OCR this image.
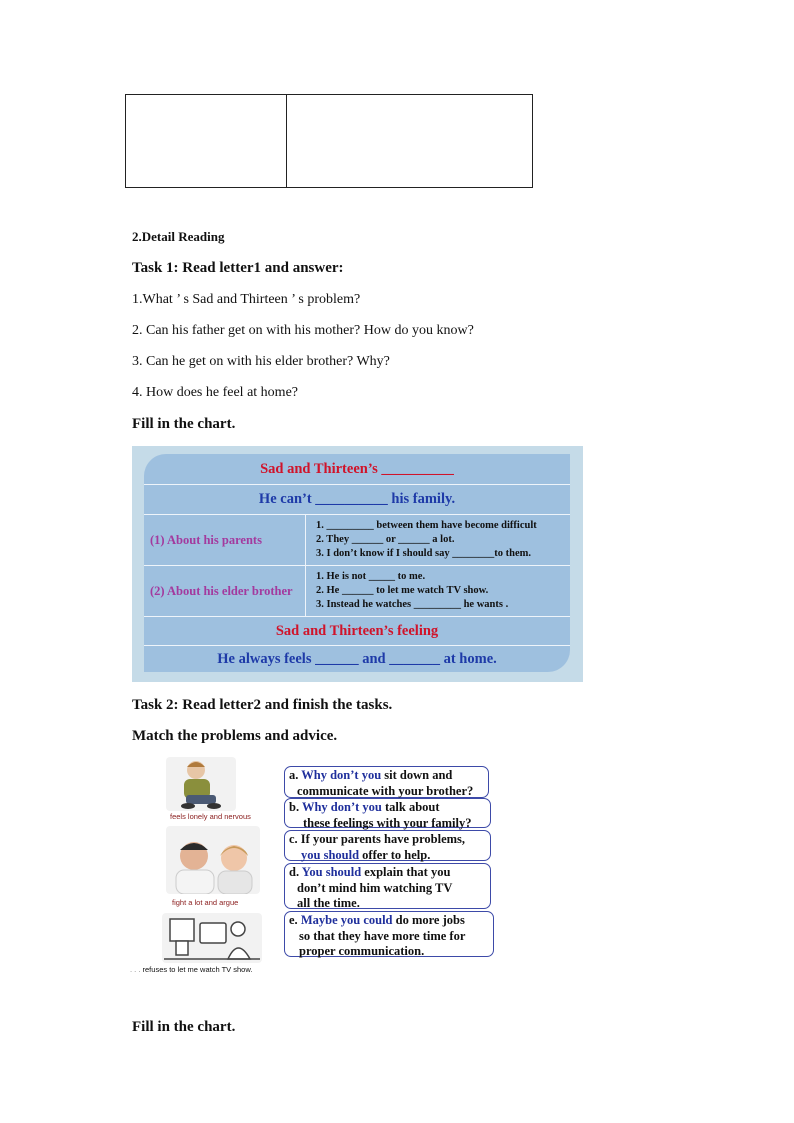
2.Detail Reading
Task 1: Read letter1 and answer:
1.What ’ s Sad and Thirteen ’ s problem?
2. Can his father get on with his mother? How do you know?
3. Can he get on with his elder brother? Why?
4. How does he feel at home?
Fill in the chart.
Sad and Thirteen’s __________
He can’t __________ his family.
(1) About his parents
1. _________ between them have become difficult
2. They ______ or ______ a lot.
3. I don’t know if I should say ________to them.
(2) About his elder brother
1. He is not _____ to me.
2. He ______ to let me watch TV show.
3. Instead he watches _________ he wants .
Sad and Thirteen’s feeling
He always feels ______ and _______ at home.
Task 2: Read letter2 and finish the tasks.
Match the problems and advice.
feels lonely and nervous
fight a lot and argue
. . . refuses to let me watch TV show.
a. Why don’t you sit down and
communicate with your brother?
b. Why don’t you talk about
these feelings with your family?
c. If your parents have problems,
you should offer to help.
d. You should explain that you
don’t mind him watching TV
all the time.
e. Maybe you could do more jobs
so that they have more time for
proper communication.
Fill in the chart.
